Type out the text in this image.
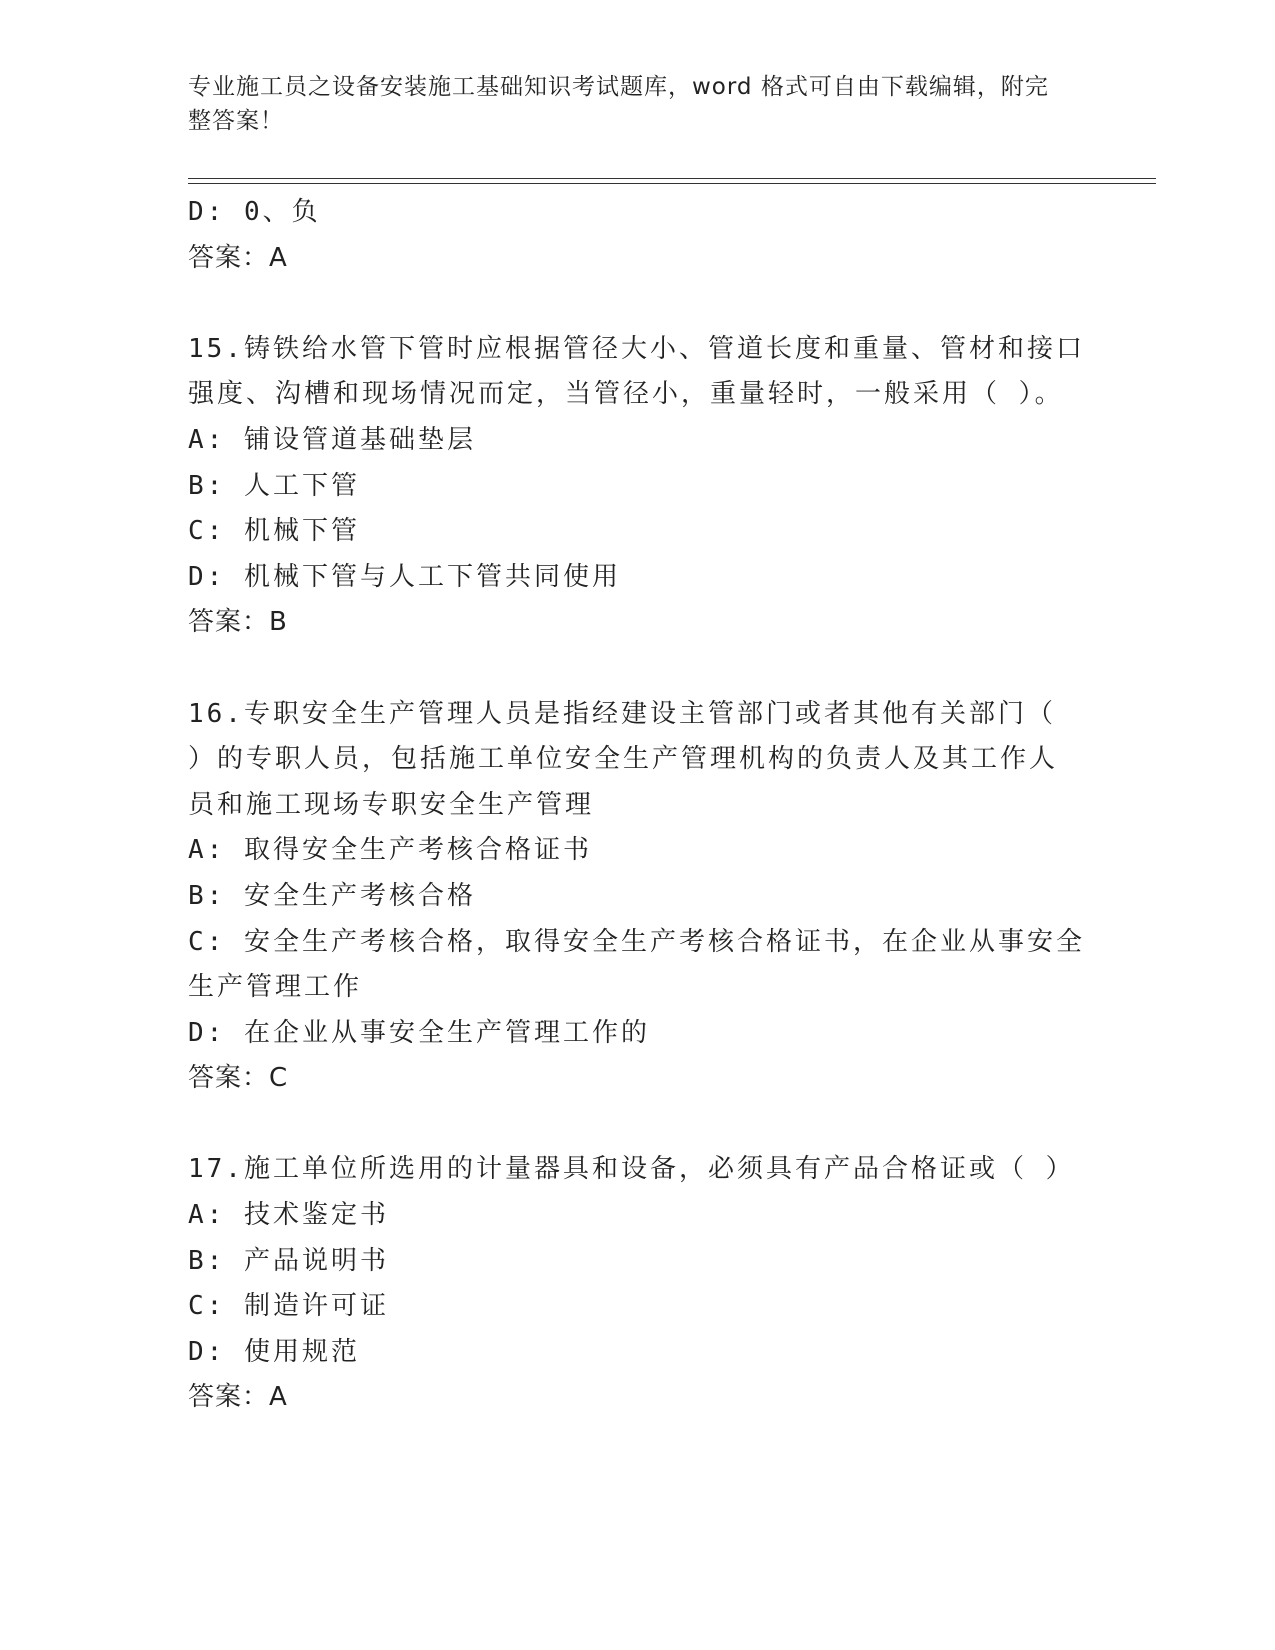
专业施工员之设备安装施工基础知识考试题库，word 格式可自由下载编辑，附完
整答案！
D: 0、负
答案：A
15.铸铁给水管下管时应根据管径大小、管道长度和重量、管材和接口
强度、沟槽和现场情况而定，当管径小，重量轻时，一般采用（ ）。
A: 铺设管道基础垫层
B: 人工下管
C: 机械下管
D: 机械下管与人工下管共同使用
答案：B
16.专职安全生产管理人员是指经建设主管部门或者其他有关部门（
）的专职人员，包括施工单位安全生产管理机构的负责人及其工作人
员和施工现场专职安全生产管理
A: 取得安全生产考核合格证书
B: 安全生产考核合格
C: 安全生产考核合格，取得安全生产考核合格证书，在企业从事安全
生产管理工作
D: 在企业从事安全生产管理工作的
答案：C
17.施工单位所选用的计量器具和设备，必须具有产品合格证或（ ）
A: 技术鉴定书
B: 产品说明书
C: 制造许可证
D: 使用规范
答案：A
